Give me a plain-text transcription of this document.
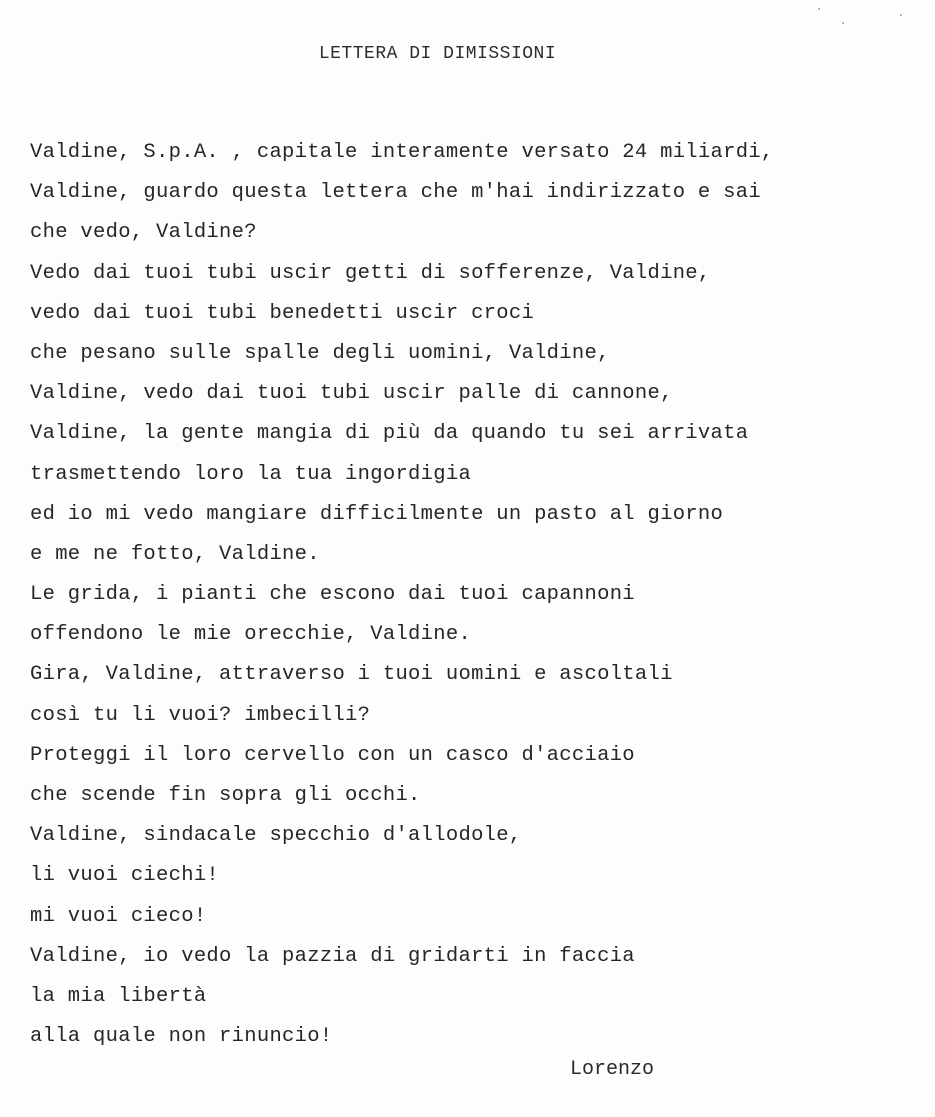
LETTERA DI DIMISSIONI
Valdine, S.p.A. , capitale interamente versato 24 miliardi,
Valdine, guardo questa lettera che m'hai indirizzato e sai
che vedo, Valdine?
Vedo dai tuoi tubi uscir getti di sofferenze, Valdine,
vedo dai tuoi tubi benedetti uscir croci
che pesano sulle spalle degli uomini, Valdine,
Valdine, vedo dai tuoi tubi uscir palle di cannone,
Valdine, la gente mangia di più da quando tu sei arrivata
trasmettendo loro la tua ingordigia
ed io mi vedo mangiare difficilmente un pasto al giorno
e me ne fotto, Valdine.
Le grida, i pianti che escono dai tuoi capannoni
offendono le mie orecchie, Valdine.
Gira, Valdine, attraverso i tuoi uomini e ascoltali
così tu li vuoi? imbecilli?
Proteggi il loro cervello con un casco d'acciaio
che scende fin sopra gli occhi.
Valdine, sindacale specchio d'allodole,
li vuoi ciechi!
mi vuoi cieco!
Valdine, io vedo la pazzia di gridarti in faccia
la mia libertà
alla quale non rinuncio!
Lorenzo
